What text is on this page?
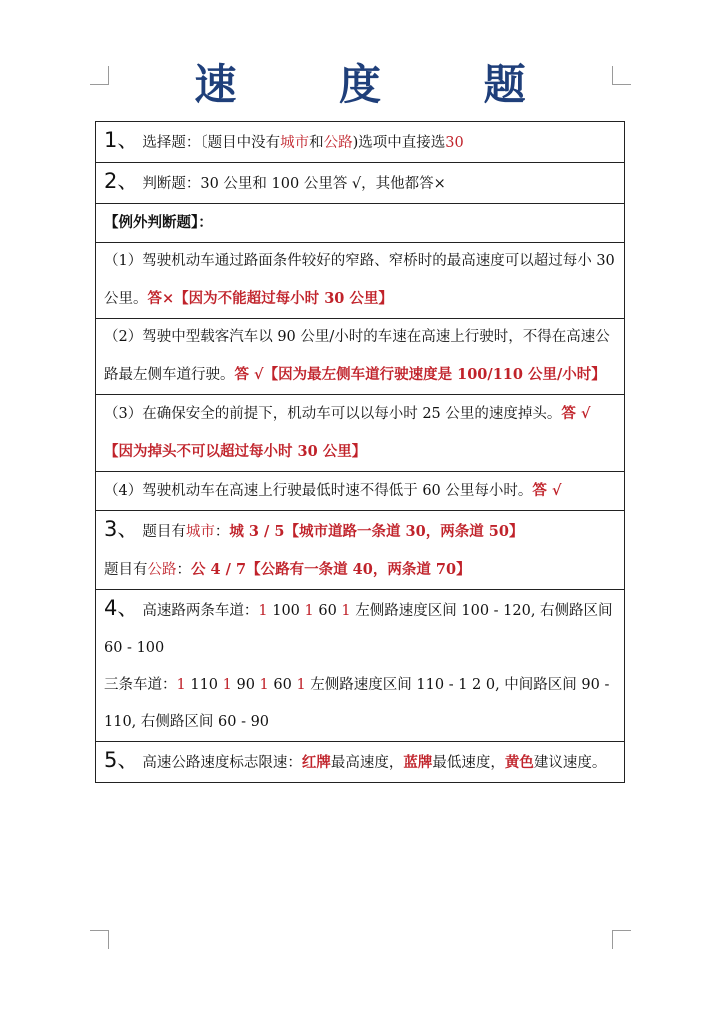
速 度 题
1、 选择题：〔题目中没有城市和公路)选项中直接选30
2、 判断题：30 公里和 100 公里答 √，其他都答×
【例外判断题】：
（1）驾驶机动车通过路面条件较好的窄路、窄桥时的最高速度可以超过每小 30 公里。答×【因为不能超过每小时 30 公里】
（2）驾驶中型载客汽车以 90 公里/小时的车速在高速上行驶时，不得在高速公路最左侧车道行驶。答 √【因为最左侧车道行驶速度是 100/110 公里/小时】
（3）在确保安全的前提下，机动车可以以每小时 25 公里的速度掉头。答 √【因为掉头不可以超过每小时 30 公里】
（4）驾驶机动车在高速上行驶最低时速不得低于 60 公里每小时。答 √

3、 题目有城市：城 3 / 5【城市道路一条道 30，两条道 50】
题目有公路：公 4 / 7【公路有一条道 40，两条道 70】

4、 高速路两条车道：1 100 1 60 1 左侧路速度区间 100 - 120, 右侧路区间 60 - 100
三条车道：1 110 1 90 1 60 1 左侧路速度区间 110 - 1 2 0, 中间路区间 90 - 110, 右侧路区间 60 - 90

5、 高速公路速度标志限速：红牌最高速度，蓝牌最低速度，黄色建议速度。
